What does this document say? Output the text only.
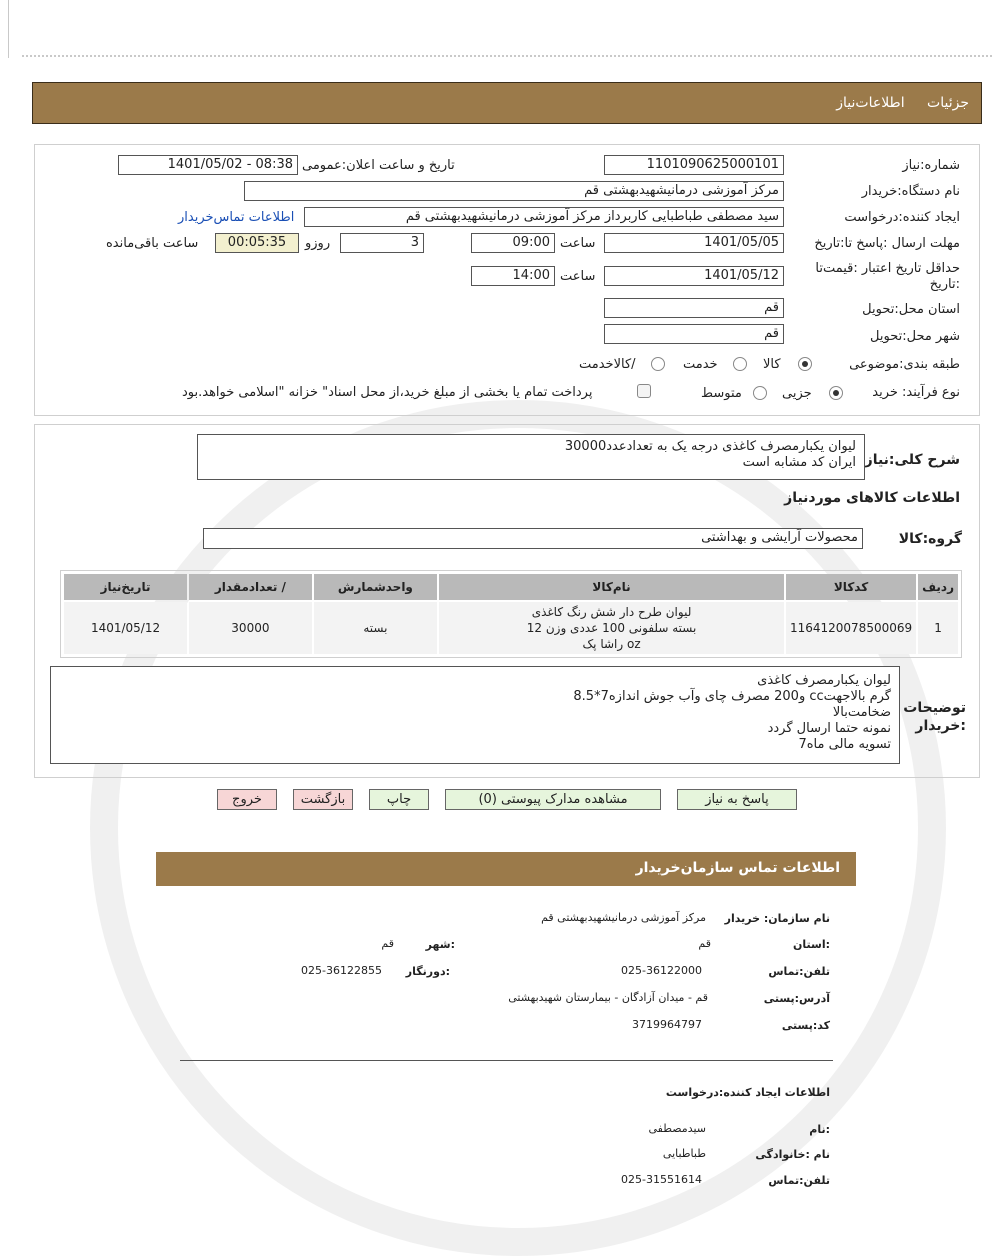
جزئیات اطلاعات‌نیاز
شماره:نیاز
1101090625000101
تاریخ و ساعت اعلان:عمومی
1401/05/02 - 08:38
نام دستگاه:خریدار
مرکز آموزشی درمانیشهیدبهشتی قم
ایجاد کننده:درخواست
سید مصطفی طباطبایی کاربرداز مرکز آموزشی درمانیشهیدبهشتی قم
اطلاعات تماس‌خریدار
مهلت ارسال :پاسخ تا:تاریخ
1401/05/05
ساعت
09:00
3
روزو
00:05:35
ساعت باقی‌مانده
حداقل تاریخ اعتبار :قیمت‌تا
:تاریخ
1401/05/12
ساعت
14:00
استان محل:تحویل
قم
شهر محل:تحویل
قم
طبقه بندی:موضوعی
کالا
خدمت
/کالاخدمت
نوع فرآیند: خرید
جزیی
متوسط
پرداخت تمام یا بخشی از مبلغ خرید،از محل اسناد" خزانه "اسلامی خواهد.بود
شرح کلی:نیاز
لیوان یکبارمصرف کاغذی درجه یک به تعدادعدد30000
ایران کد مشابه است
اطلاعات کالاهای موردنیاز
گروه:کالا
محصولات آرایشی و بهداشتی
ردیف	کدکالا	نام‌کالا	واحدشمارش	/ تعدادمقدار	تاریخ‌نیاز
1	1164120078500069	لیوان طرح دار شش رنگ کاغذی
بسته سلفونی 100 عددی وزن 12
oz راشا پک	بسته	30000	1401/05/12
توضیحات
:خریدار
لیوان یکبارمصرف کاغذی
گرم بالاجهتcc و200 مصرف چای وآب جوش اندازه7*8.5
ضخامت‌بالا
نمونه حتما ارسال گردد
تسویه مالی ماه7
پاسخ به نیاز
مشاهده مدارک پیوستی (0)
چاپ
بازگشت
خروج
اطلاعات تماس سازمان‌خریدار
نام سازمان: خریدار
مرکز آموزشی درمانیشهیدبهشتی قم
:استان
قم
:شهر
قم
تلفن:تماس
025-36122000
:دورنگار
025-36122855
آدرس:پستی
قم - میدان آزادگان - بیمارستان شهیدبهشتی
کد:پستی
3719964797
اطلاعات ایجاد کننده:درخواست
:نام
سیدمصطفی
نام :خانوادگی
طباطبایی
تلفن:تماس
025-31551614
